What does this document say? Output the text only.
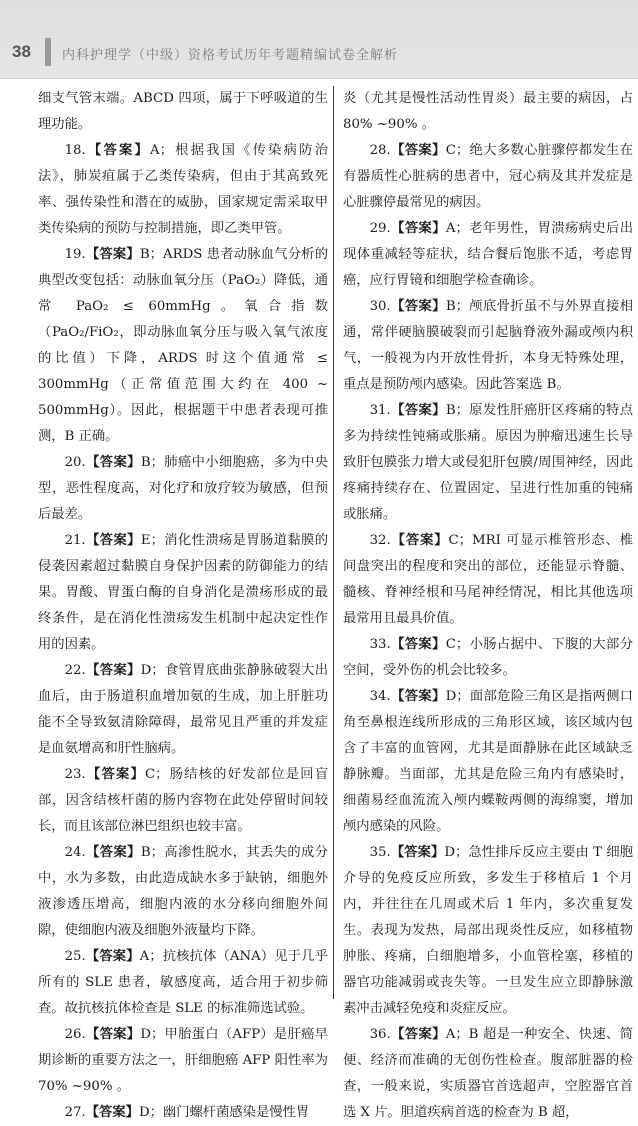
38 内科护理学（中级）资格考试历年考题精编试卷全解析

细支气管末端。ABCD 四项，属于下呼吸道的生理功能。

18.【答案】A；根据我国《传染病防治法》，肺炭疽属于乙类传染病，但由于其高致死率、强传染性和潜在的威胁，国家规定需采取甲类传染病的预防与控制措施，即乙类甲管。

19.【答案】B；ARDS 患者动脉血气分析的典型改变包括：动脉血氧分压（PaO₂）降低，通常 PaO₂ ≤ 60mmHg。氧合指数（PaO₂/FiO₂，即动脉血氧分压与吸入氧气浓度的比值）下降，ARDS 时这个值通常 ≤ 300mmHg（正常值范围大约在 400 ~ 500mmHg）。因此，根据题干中患者表现可推测，B 正确。

20.【答案】B；肺癌中小细胞癌，多为中央型，恶性程度高，对化疗和放疗较为敏感，但预后最差。

21.【答案】E；消化性溃疡是胃肠道黏膜的侵袭因素超过黏膜自身保护因素的防御能力的结果。胃酸、胃蛋白酶的自身消化是溃疡形成的最终条件，是在消化性溃疡发生机制中起决定性作用的因素。

22.【答案】D；食管胃底曲张静脉破裂大出血后，由于肠道积血增加氨的生成，加上肝脏功能不全导致氨清除障碍，最常见且严重的并发症是血氨增高和肝性脑病。

23.【答案】C；肠结核的好发部位是回盲部，因含结核杆菌的肠内容物在此处停留时间较长，而且该部位淋巴组织也较丰富。

24.【答案】B；高渗性脱水，其丢失的成分中，水为多数，由此造成缺水多于缺钠，细胞外液渗透压增高，细胞内液的水分移向细胞外间隙，使细胞内液及细胞外液量均下降。

25.【答案】A；抗核抗体（ANA）见于几乎所有的 SLE 患者，敏感度高，适合用于初步筛查。故抗核抗体检查是 SLE 的标准筛选试验。

26.【答案】D；甲胎蛋白（AFP）是肝癌早期诊断的重要方法之一，肝细胞癌 AFP 阳性率为 70% ~90% 。

27.【答案】D；幽门螺杆菌感染是慢性胃

炎（尤其是慢性活动性胃炎）最主要的病因，占 80% ~90% 。

28.【答案】C；绝大多数心脏骤停都发生在有器质性心脏病的患者中，冠心病及其并发症是心脏骤停最常见的病因。

29.【答案】A；老年男性，胃溃疡病史后出现体重减轻等症状，结合餐后饱胀不适，考虑胃癌，应行胃镜和细胞学检查确诊。

30.【答案】B；颅底骨折虽不与外界直接相通，常伴硬脑膜破裂而引起脑脊液外漏或颅内积气，一般视为内开放性骨折，本身无特殊处理，重点是预防颅内感染。因此答案选 B。

31.【答案】B；原发性肝癌肝区疼痛的特点多为持续性钝痛或胀痛。原因为肿瘤迅速生长导致肝包膜张力增大或侵犯肝包膜/周围神经，因此疼痛持续存在、位置固定、呈进行性加重的钝痛或胀痛。

32.【答案】C；MRI 可显示椎管形态、椎间盘突出的程度和突出的部位，还能显示脊髓、髓核、脊神经根和马尾神经情况，相比其他选项最常用且最具价值。

33.【答案】C；小肠占据中、下腹的大部分空间，受外伤的机会比较多。

34.【答案】D；面部危险三角区是指两侧口角至鼻根连线所形成的三角形区域，该区域内包含了丰富的血管网，尤其是面静脉在此区域缺乏静脉瓣。当面部，尤其是危险三角内有感染时，细菌易经血流流入颅内蝶鞍两侧的海绵窦，增加颅内感染的风险。

35.【答案】D；急性排斥反应主要由 T 细胞介导的免疫反应所致，多发生于移植后 1 个月内，并往往在几周或术后 1 年内，多次重复发生。表现为发热，局部出现炎性反应，如移植物肿胀、疼痛，白细胞增多，小血管栓塞，移植的器官功能减弱或丧失等。一旦发生应立即静脉激素冲击减轻免疫和炎症反应。

36.【答案】A；B 超是一种安全、快速、简便、经济而准确的无创伤性检查。腹部脏器的检查，一般来说，实质器官首选超声，空腔器官首选 X 片。胆道疾病首选的检查为 B 超，
